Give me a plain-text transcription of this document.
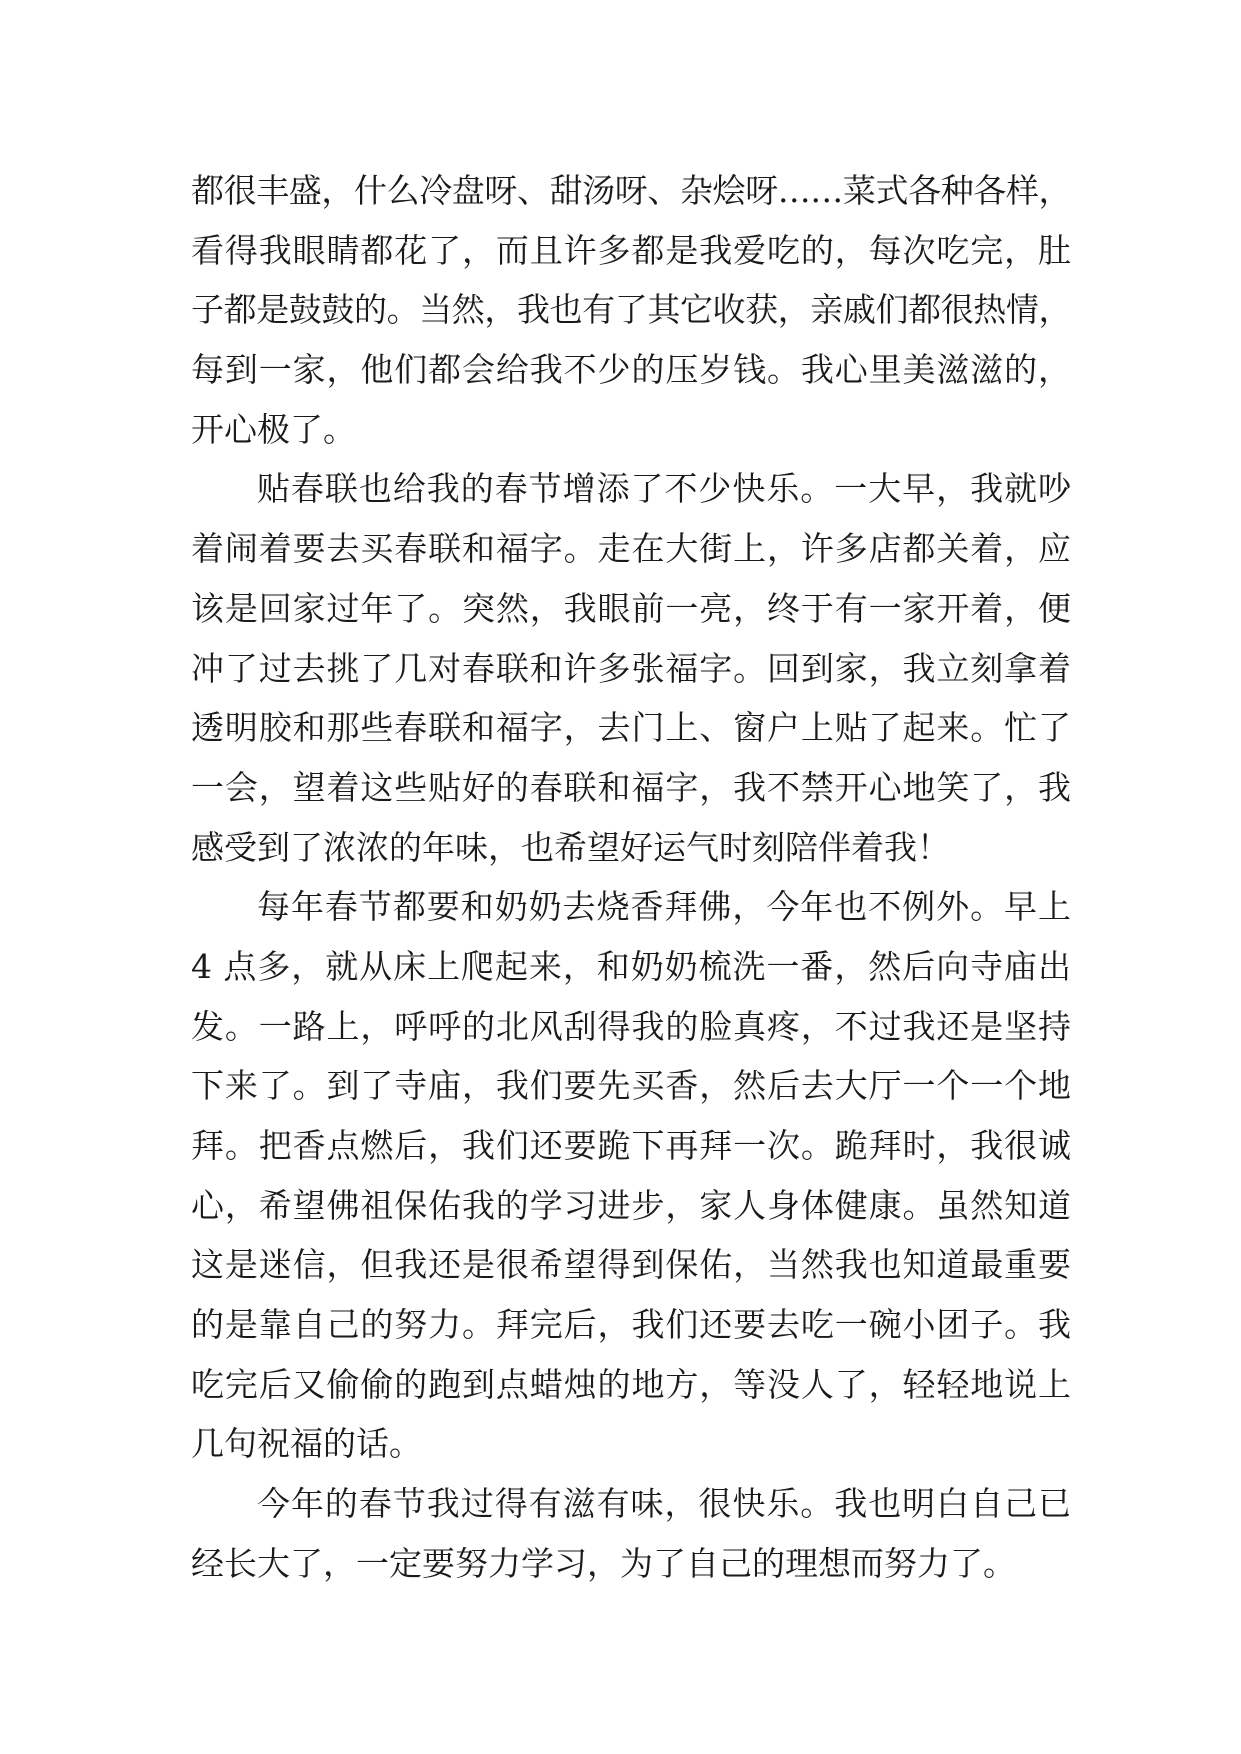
都很丰盛，什么冷盘呀、甜汤呀、杂烩呀……菜式各种各样，
看得我眼睛都花了，而且许多都是我爱吃的，每次吃完，肚
子都是鼓鼓的。当然，我也有了其它收获，亲戚们都很热情，
每到一家，他们都会给我不少的压岁钱。我心里美滋滋的，
开心极了。
贴春联也给我的春节增添了不少快乐。一大早，我就吵
着闹着要去买春联和福字。走在大街上，许多店都关着，应
该是回家过年了。突然，我眼前一亮，终于有一家开着，便
冲了过去挑了几对春联和许多张福字。回到家，我立刻拿着
透明胶和那些春联和福字，去门上、窗户上贴了起来。忙了
一会，望着这些贴好的春联和福字，我不禁开心地笑了，我
感受到了浓浓的年味，也希望好运气时刻陪伴着我！
每年春节都要和奶奶去烧香拜佛，今年也不例外。早上
4 点多，就从床上爬起来，和奶奶梳洗一番，然后向寺庙出
发。一路上，呼呼的北风刮得我的脸真疼，不过我还是坚持
下来了。到了寺庙，我们要先买香，然后去大厅一个一个地
拜。把香点燃后，我们还要跪下再拜一次。跪拜时，我很诚
心，希望佛祖保佑我的学习进步，家人身体健康。虽然知道
这是迷信，但我还是很希望得到保佑，当然我也知道最重要
的是靠自己的努力。拜完后，我们还要去吃一碗小团子。我
吃完后又偷偷的跑到点蜡烛的地方，等没人了，轻轻地说上
几句祝福的话。
今年的春节我过得有滋有味，很快乐。我也明白自己已
经长大了，一定要努力学习，为了自己的理想而努力了。
